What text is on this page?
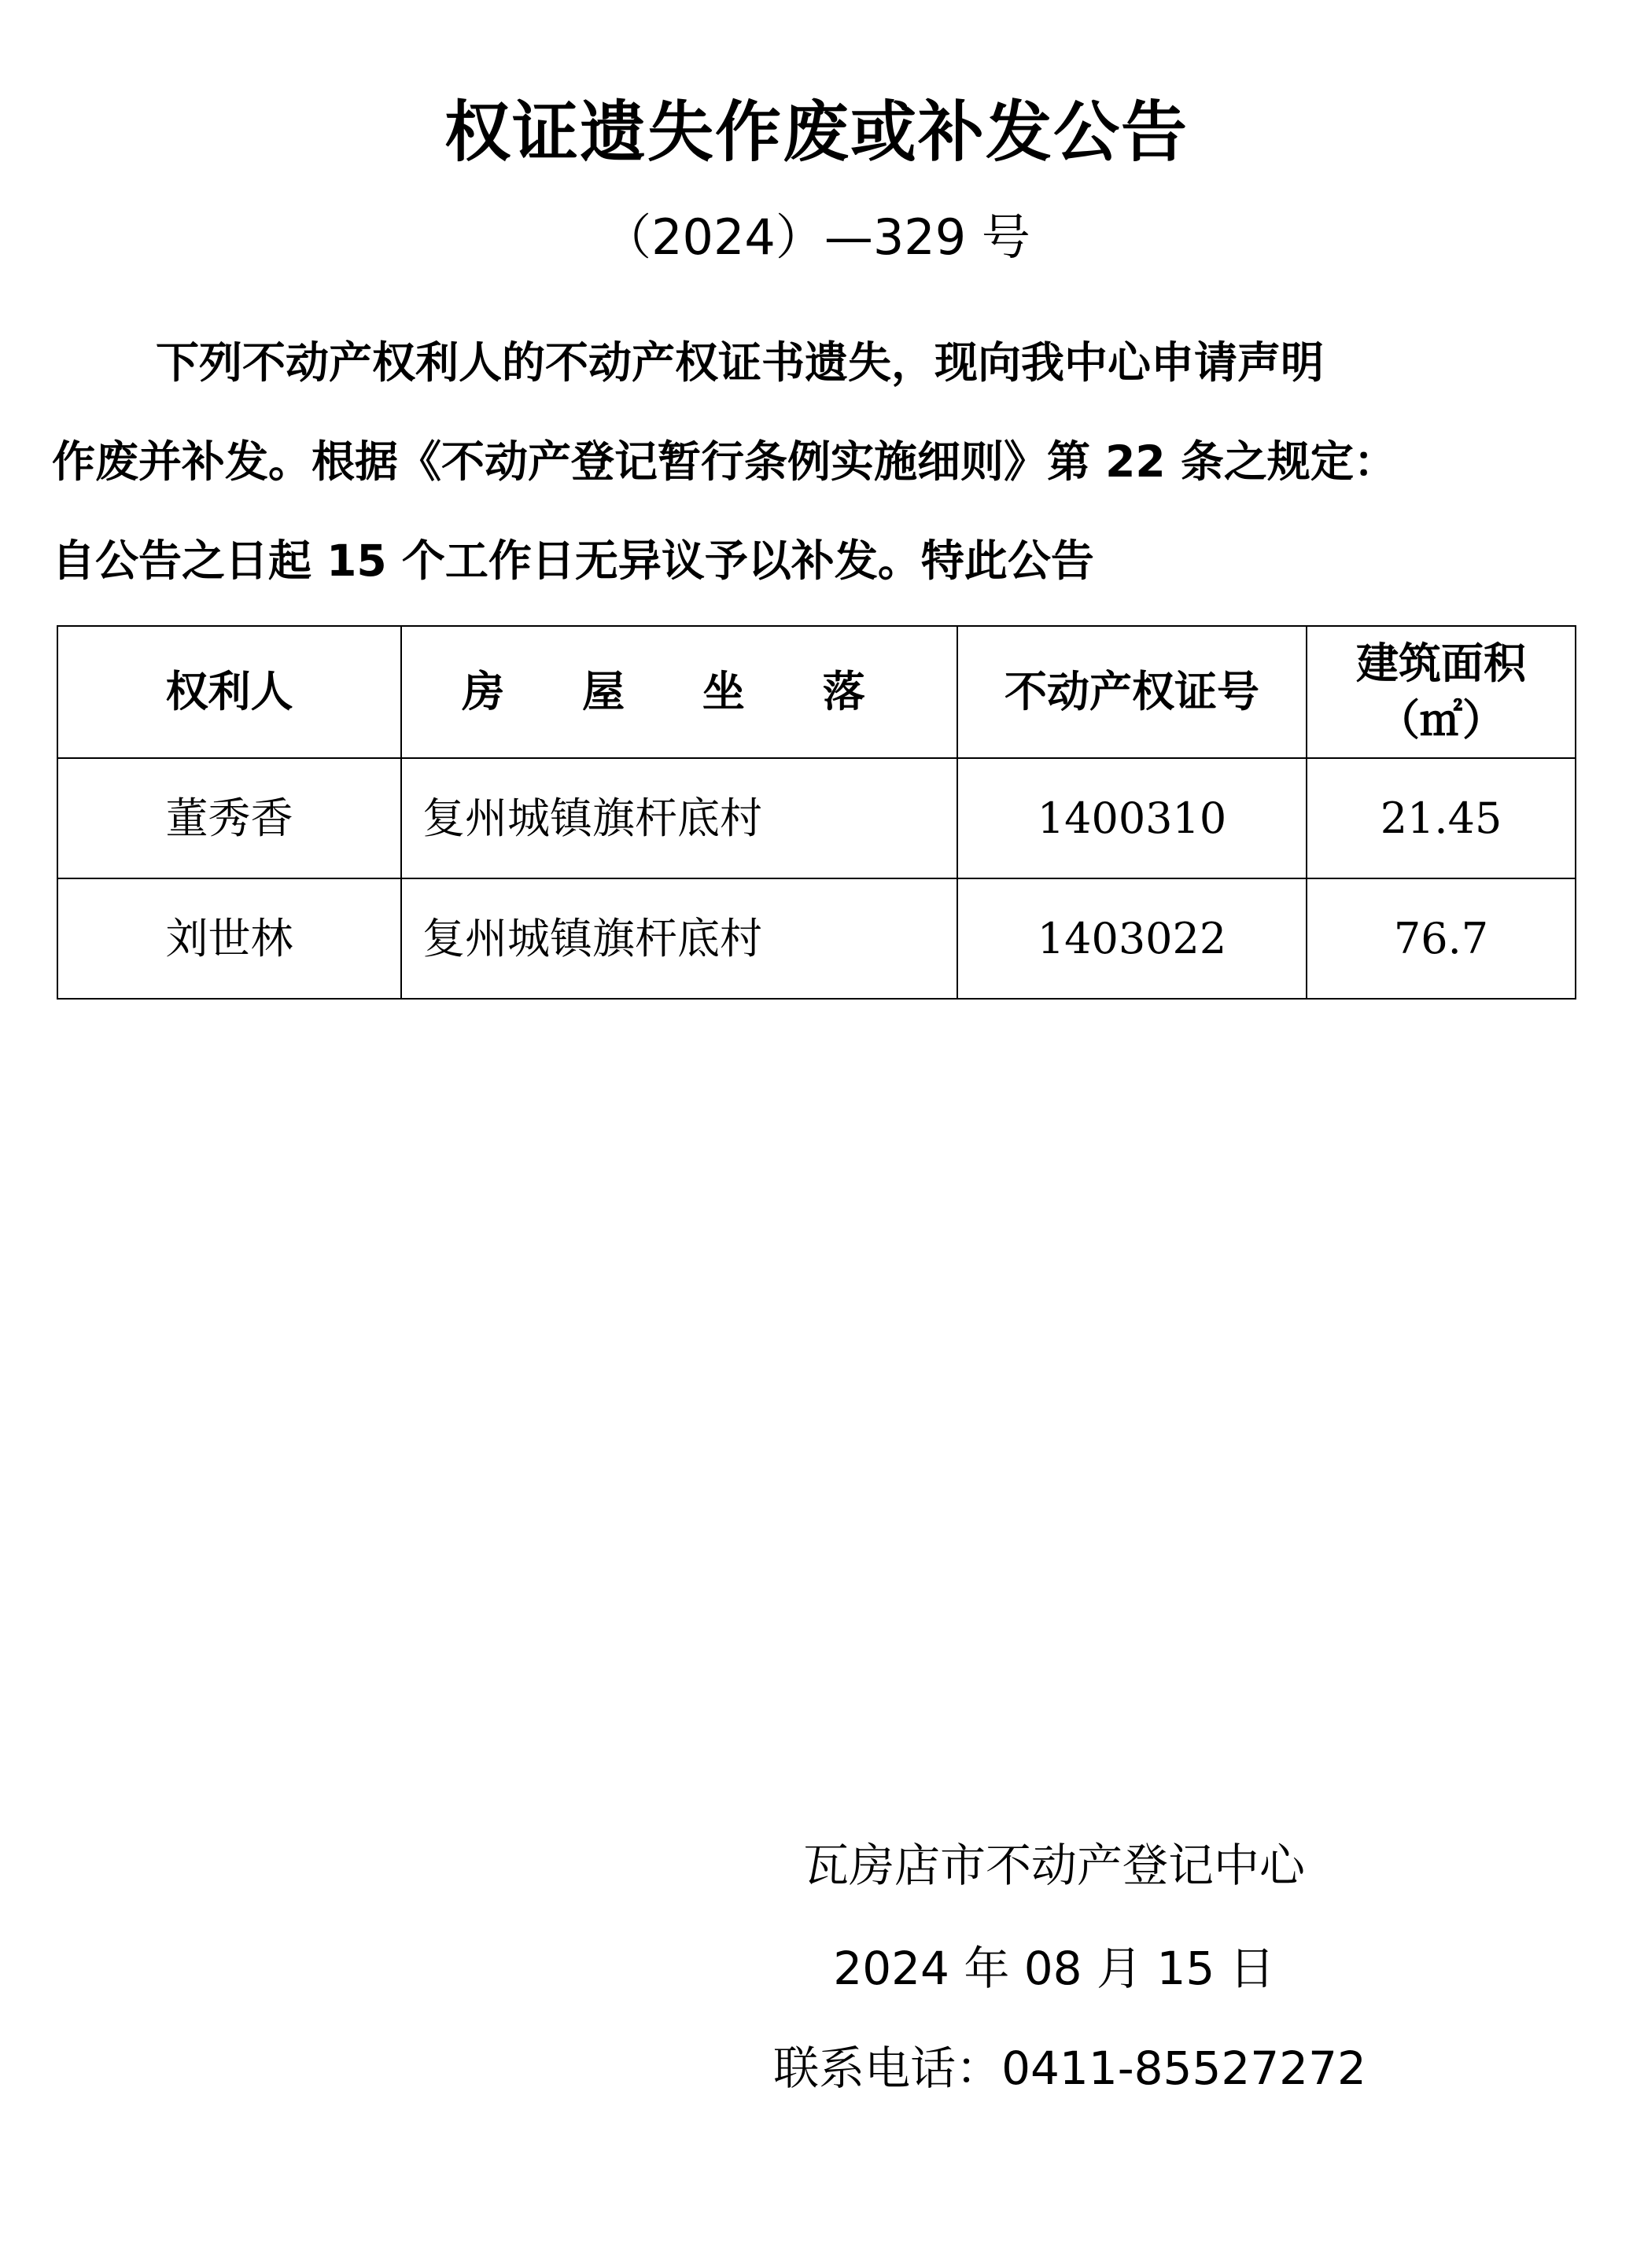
权证遗失作废或补发公告
（2024）—329 号

下列不动产权利人的不动产权证书遗失，现向我中心申请声明

作废并补发。根据《不动产登记暂行条例实施细则》第 22 条之规定：

自公告之日起 15 个工作日无异议予以补发。特此公告

权利人	房 屋 坐 落	不动产权证号	建筑面积
（㎡）

董秀香	复州城镇旗杆底村	1400310	21.45
刘世林	复州城镇旗杆底村	1403022	76.7
瓦房店市不动产登记中心
2024 年 08 月 15 日
联系电话：0411-85527272
